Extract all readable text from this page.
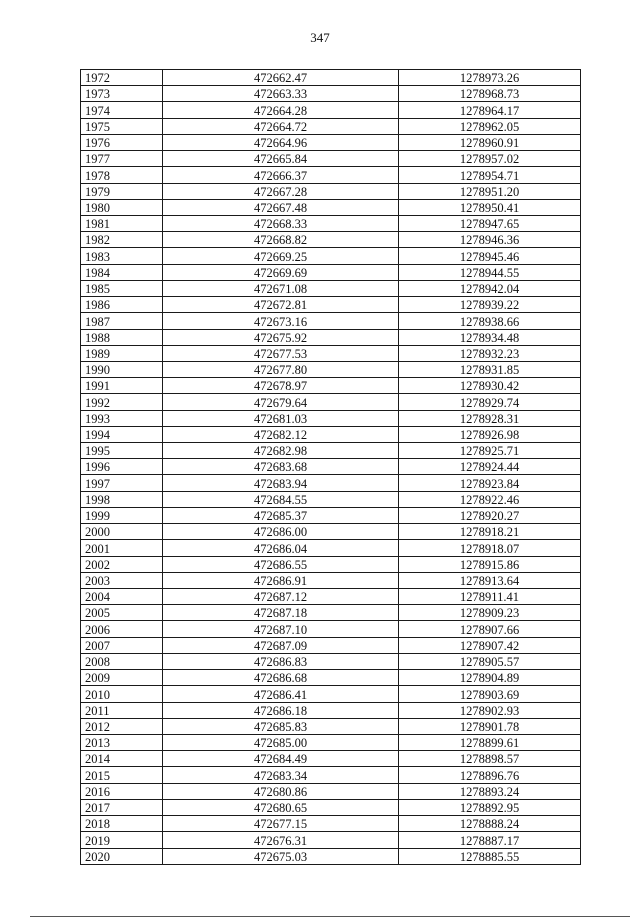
347
1972	472662.47	1278973.26
1973	472663.33	1278968.73
1974	472664.28	1278964.17
1975	472664.72	1278962.05
1976	472664.96	1278960.91
1977	472665.84	1278957.02
1978	472666.37	1278954.71
1979	472667.28	1278951.20
1980	472667.48	1278950.41
1981	472668.33	1278947.65
1982	472668.82	1278946.36
1983	472669.25	1278945.46
1984	472669.69	1278944.55
1985	472671.08	1278942.04
1986	472672.81	1278939.22
1987	472673.16	1278938.66
1988	472675.92	1278934.48
1989	472677.53	1278932.23
1990	472677.80	1278931.85
1991	472678.97	1278930.42
1992	472679.64	1278929.74
1993	472681.03	1278928.31
1994	472682.12	1278926.98
1995	472682.98	1278925.71
1996	472683.68	1278924.44
1997	472683.94	1278923.84
1998	472684.55	1278922.46
1999	472685.37	1278920.27
2000	472686.00	1278918.21
2001	472686.04	1278918.07
2002	472686.55	1278915.86
2003	472686.91	1278913.64
2004	472687.12	1278911.41
2005	472687.18	1278909.23
2006	472687.10	1278907.66
2007	472687.09	1278907.42
2008	472686.83	1278905.57
2009	472686.68	1278904.89
2010	472686.41	1278903.69
2011	472686.18	1278902.93
2012	472685.83	1278901.78
2013	472685.00	1278899.61
2014	472684.49	1278898.57
2015	472683.34	1278896.76
2016	472680.86	1278893.24
2017	472680.65	1278892.95
2018	472677.15	1278888.24
2019	472676.31	1278887.17
2020	472675.03	1278885.55
